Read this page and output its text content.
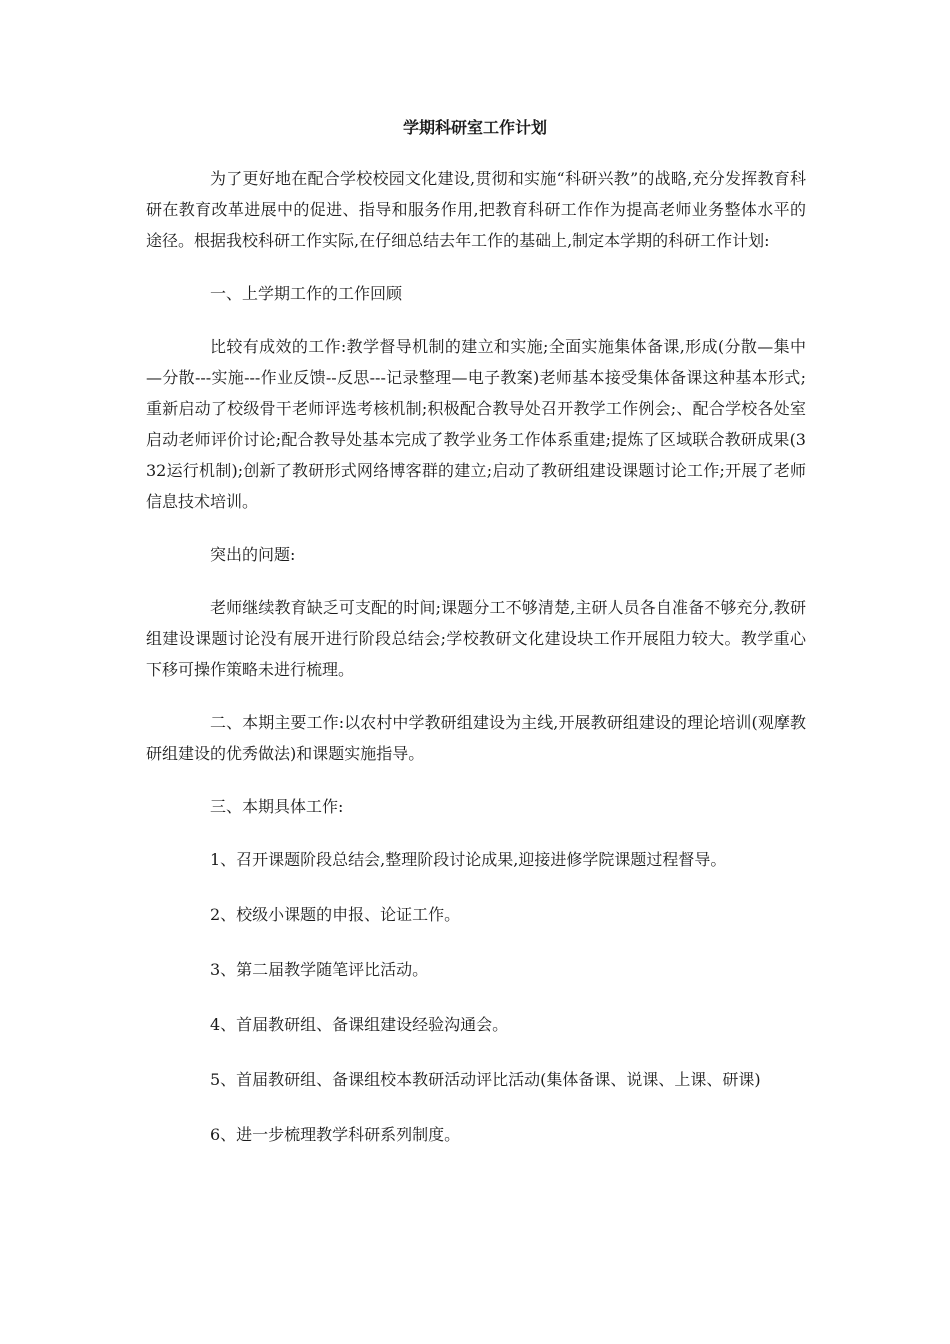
学期科研室工作计划

为了更好地在配合学校校园文化建设,贯彻和实施“科研兴教”的战略,充分发挥教育科研在教育改革进展中的促进、指导和服务作用,把教育科研工作作为提高老师业务整体水平的途径。根据我校科研工作实际,在仔细总结去年工作的基础上,制定本学期的科研工作计划:

一、上学期工作的工作回顾

比较有成效的工作:教学督导机制的建立和实施;全面实施集体备课,形成(分散—集中—分散---实施---作业反馈--反思---记录整理—电子教案)老师基本接受集体备课这种基本形式;重新启动了校级骨干老师评选考核机制;积极配合教导处召开教学工作例会;、配合学校各处室启动老师评价讨论;配合教导处基本完成了教学业务工作体系重建;提炼了区域联合教研成果(332运行机制);创新了教研形式网络博客群的建立;启动了教研组建设课题讨论工作;开展了老师信息技术培训。

突出的问题:

老师继续教育缺乏可支配的时间;课题分工不够清楚,主研人员各自准备不够充分,教研组建设课题讨论没有展开进行阶段总结会;学校教研文化建设块工作开展阻力较大。教学重心下移可操作策略未进行梳理。

二、本期主要工作:以农村中学教研组建设为主线,开展教研组建设的理论培训(观摩教研组建设的优秀做法)和课题实施指导。

三、本期具体工作:

1、召开课题阶段总结会,整理阶段讨论成果,迎接进修学院课题过程督导。

2、校级小课题的申报、论证工作。

3、第二届教学随笔评比活动。

4、首届教研组、备课组建设经验沟通会。

5、首届教研组、备课组校本教研活动评比活动(集体备课、说课、上课、研课)

6、进一步梳理教学科研系列制度。
